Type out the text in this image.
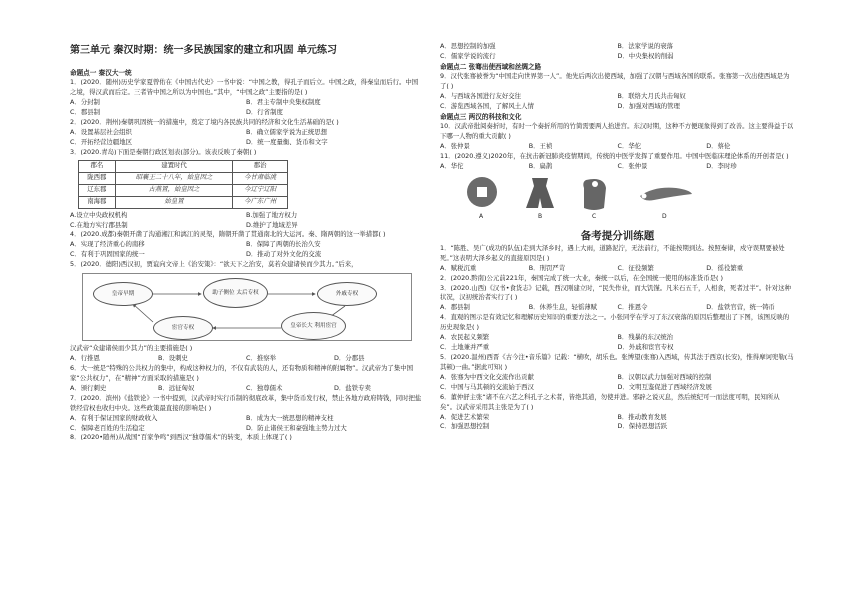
第三单元 秦汉时期：统一多民族国家的建立和巩固 单元练习
命题点一 秦汉大一统
1．(2020．随州)历史学家夏曾佑在《中国古代史》一书中说：“中国之教，得孔子而后立。中国之政，得秦皇而后行。中国之境，得汉武而后定。三者皆中国之所以为中国也。”其中，“中国之政”主要指的是( )
A．分封制	B．君主专制中央集权制度
C．郡县制	D．行省制度
2．(2020．荆州)秦朝巩固统一的措施中，奠定了境内各民族共同的经济和文化生活基础的是( )
A．设置基层社会组织	B．确立儒家学说为正统思想
C．开拓经营边疆地区	D．统一度量衡、货币和文字
3．(2020.青岛)下面是秦朝行政区划表(部分)。该表反映了秦朝( )
郡名	建置时代	郡治
陇西郡	昭襄王二十八年，始皇因之	今甘肃临洮
辽东郡	古燕置，始皇因之	今辽宁辽阳
南海郡	始皇置	今广东广州
A.设立中央政权机构	B.加强了地方权力
C.在地方实行郡县制	D.维护了地域差异
4．(2020.成都)秦朝开凿了沟通湘江和漓江的灵渠，隋朝开凿了贯通南北的大运河。秦、隋两朝的这一举措都( )
A．实现了经济重心的南移	B．保障了两朝的长治久安
C．有利于巩固国家的统一	D．推动了对外文化的交流
5．(2020．德阳)西汉初，贾谊向文帝上《治安策》：“欲天下之治安，莫若众建诸侯而少其力。”后来，
皇帝早期	助子侧位 太后专权	外戚专权
宦官专权	皇帝长大 利用宦官
汉武帝“众建诸侯而少其力”的主要措施是( )
A．行推恩	B．设刺史	C．推察举	D．分郡县
6．大一统是“特殊的公共权力的集中，构成这种权力的，不仅有武装的人，还有物质和精神的附属物”。汉武帝为了集中国家“公共权力”，在“精神”方面采取的措施是( )
A．颁行刺史	B．远征匈奴	C．独尊儒术	D．盐铁专卖
7．(2020．滨州)《盐铁论》一书中提到，汉武帝时实行币制的彻底改革，集中货币发行权，禁止各地方政府铸钱，同时把盐铁经营权也收归中央。这些政策最直接的影响是( )
A．有利于保证国家的财政收入	B．成为大一统思想的精神支柱
C．保障老百姓的生活稳定	D．防止诸侯王和豪强地主势力过大
8．(2020•随州)从战国“百家争鸣”到西汉“独尊儒术”的转变，本质上体现了( )
A．思想控制的加强	B．法家学说的衰落
C．儒家学说的流行	D．中央集权的削弱
命题点二 张骞出使西域和丝绸之路
9．汉代张骞被誉为“中国走向世界第一人”。他先后两次出使西域，加强了汉朝与西域各国的联系。张骞第一次出使西域是为了( )
A．与西域各国进行友好交往	B．联络大月氏共击匈奴
C．游览西域各国，了解风土人情	D．加强对西域的管理
命题点三 两汉的科技和文化
10．汉武帝批阅奏折时，有时一个奏折所用的竹简需要两人抬进宫。东汉时期，这种不方便现象得到了改善。这主要得益于以下哪一人物的重大贡献( )
A．张仲景	B．王祯	C．华佗	D．蔡伦
11．(2020.遵义)2020年，在抗击新冠肺炎疫情期间，传统的中医学发挥了重要作用。中国中医临床理论体系的开创者是( )
A．华佗	B．扁鹊	C．张仲景	D．李时珍
A	B	C	D
备考提分训练题
1．“陈胜、吴广(成功的队伍)走到大泽乡时，遇上大雨，道路泥泞，无法前行，不能按期到达。按照秦律，戍守误期要被处死。”这表明大泽乡起义的直接原因是( )
A．赋税沉重	B．刑罚严苛	C．征役频繁	D．徭役繁重
2．(2020.黔南)公元前221年，秦国完成了统一大业，秦统一以后，在全国统一使用的标准货币是( )
3．(2020.山西)《汉书•食货志》记载，西汉刚建立时，“民失作业，而大饥馑。凡米石五千，人相食，死者过半”。针对这种状况，汉初统治者实行了( )
A．郡县制	B．休养生息，轻徭薄赋	C．推恩令	D．盐铁官营，统一铸币
4．直观的图示是有效记忆和理解历史知识的重要方法之一。小张同学在学习了东汉衰落的原因后整理出了下图，该图反映的历史现象是( )
A．农民起义频繁	B．残暴的东汉统治
C．土地兼并严重	D．外戚和宦官专权
5．(2020.温州)西晋《古今注•音乐篇》记载：“横吹，胡乐也。张博望(张骞)入西域，传其法于西京(长安)，惟得摩诃兜勒(马其顿)一曲。”据此可知( )
A．张骞为中西文化交流作出贡献	B．汉朝以武力加强对西域的控制
C．中国与马其顿的交流始于西汉	D．文明互鉴促进了西域经济发展
6．董仲舒主张“诸不在六艺之科孔子之术者，皆绝其道，勿使并进。邪辟之说灭息，然后统纪可一而法度可明，民知所从矣”。汉武帝采用其主张是为了( )
A．促进艺术繁荣	B．推动教育发展
C．加强思想控制	D．保持思想活跃
